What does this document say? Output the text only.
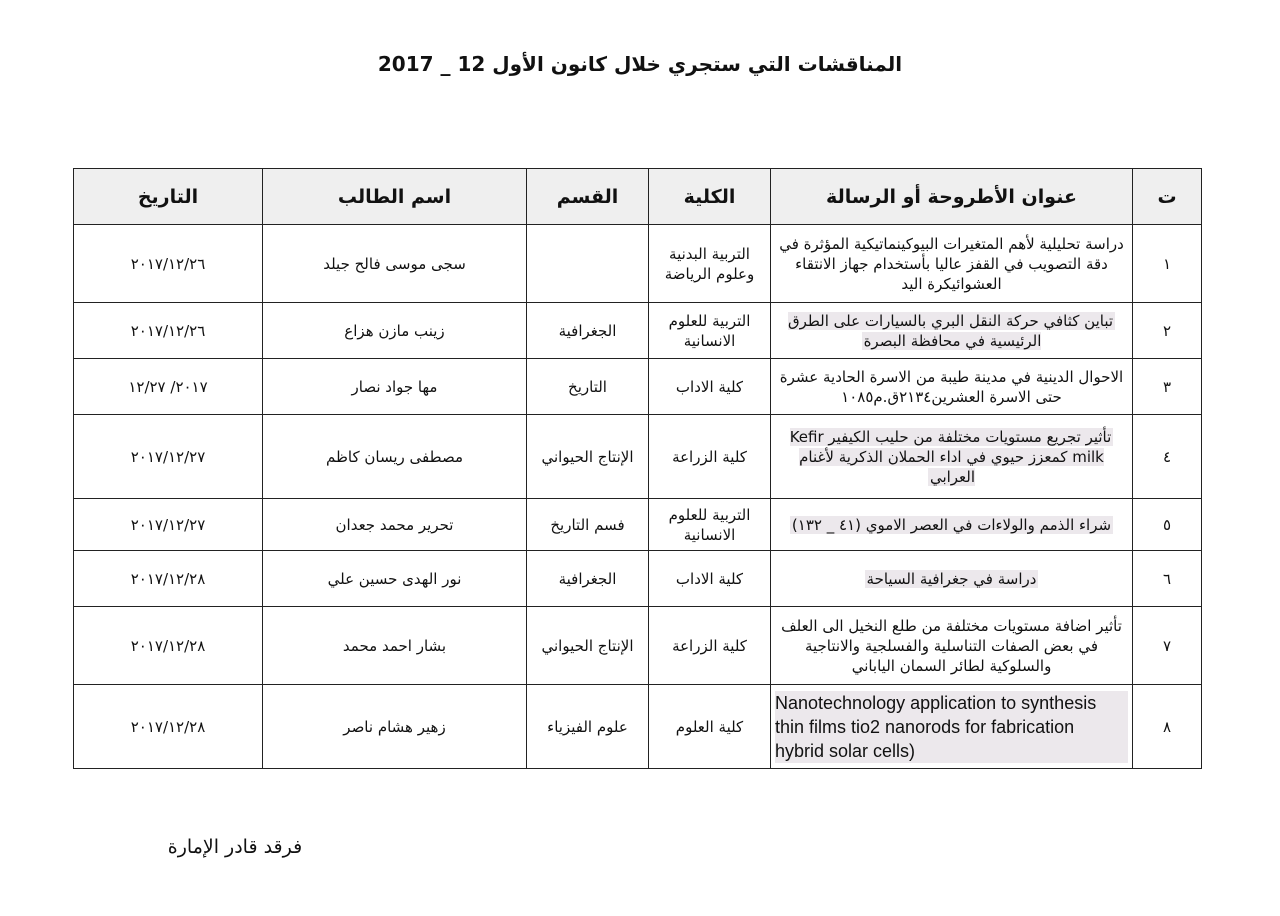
المناقشات التي ستجري خلال كانون الأول 12 _ 2017
ت	عنوان الأطروحة أو الرسالة	الكلية	القسم	اسم الطالب	التاريخ
١	دراسة تحليلية لأهم المتغيرات البيوكينماتيكية المؤثرة في دقة التصويب في القفز عاليا بأستخدام جهاز الانتقاء العشوائيكرة اليد	التربية البدنية وعلوم الرياضة		سجى موسى فالح جيلد	٢٠١٧/١٢/٢٦
٢	تباين كثافي حركة النقل البري بالسيارات على الطرق الرئيسية في محافظة البصرة	التربية للعلوم الانسانية	الجغرافية	زينب مازن هزاع	٢٠١٧/١٢/٢٦
٣	الاحوال الدينية في مدينة طيبة من الاسرة الحادية عشرة حتى الاسرة العشرين٢١٣٤ق.م١٠٨٥	كلية الاداب	التاريخ	مها جواد نصار	٢٠١٧/ ١٢/٢٧
٤	تأثير تجريع مستويات مختلفة من حليب الكيفير Kefir milk كمعزز حيوي في اداء الحملان الذكرية لأغنام العرابي	كلية الزراعة	الإنتاج الحيواني	مصطفى ريسان كاظم	٢٠١٧/١٢/٢٧
٥	شراء الذمم والولاءات في العصر الاموي (٤١ _ ١٣٢)	التربية للعلوم الانسانية	فسم التاريخ	تحرير محمد جعدان	٢٠١٧/١٢/٢٧
٦	دراسة في جغرافية السياحة	كلية الاداب	الجغرافية	نور الهدى حسين علي	٢٠١٧/١٢/٢٨
٧	تأثير اضافة مستويات مختلفة من طلع النخيل الى العلف في بعض الصفات التناسلية والفسلجية والانتاجية والسلوكية لطائر السمان الياباني	كلية الزراعة	الإنتاج الحيواني	بشار احمد محمد	٢٠١٧/١٢/٢٨
٨	Nanotechnology application to synthesis thin films tio2 nanorods for fabrication hybrid solar cells)	كلية العلوم	علوم الفيزياء	زهير هشام ناصر	٢٠١٧/١٢/٢٨
فرقد قادر الإمارة
